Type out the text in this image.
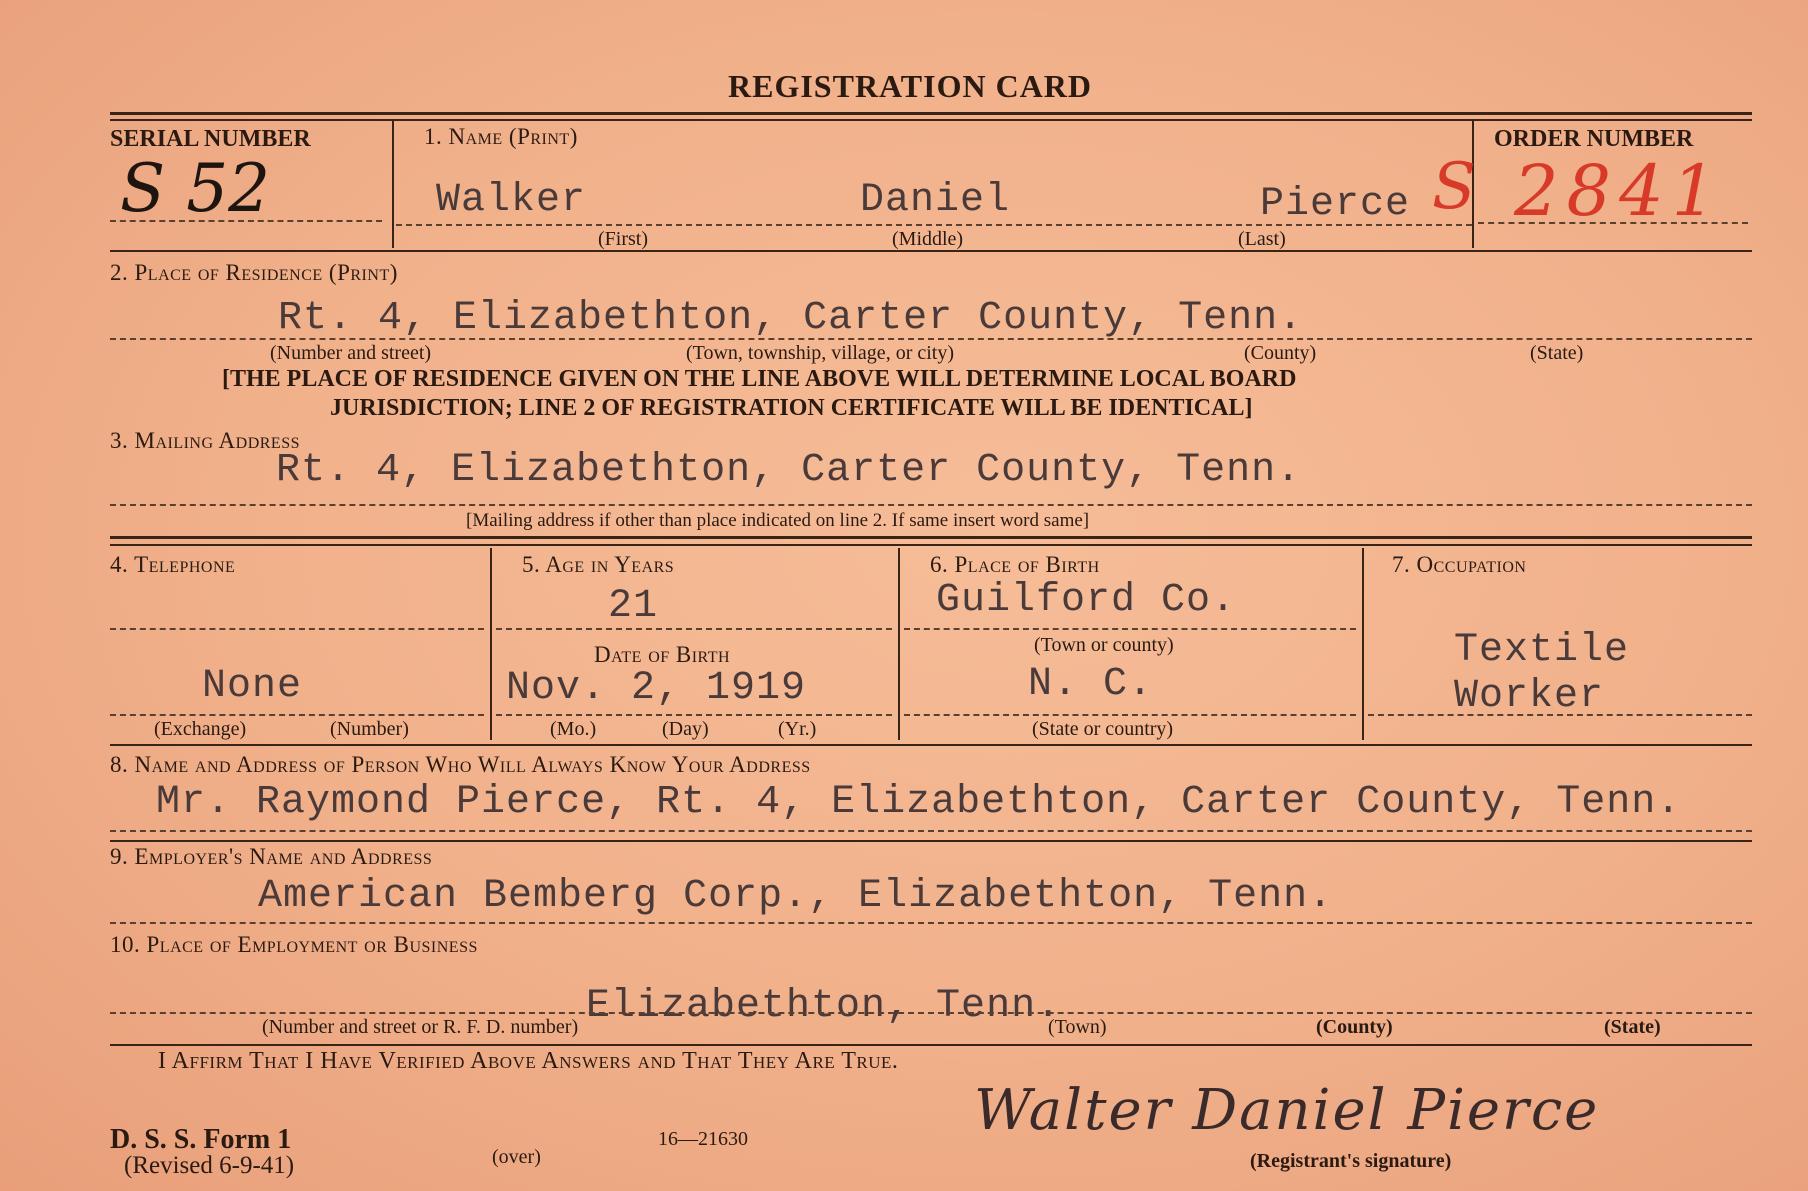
REGISTRATION CARD
SERIAL NUMBER
S 52
1. Name (Print)
Walker	Daniel	Pierce
(First)	(Middle)	(Last)
ORDER NUMBER
S 2841
2. Place of Residence (Print)
Rt. 4, Elizabethton, Carter County, Tenn.
(Number and street)	(Town, township, village, or city)	(County)	(State)
[THE PLACE OF RESIDENCE GIVEN ON THE LINE ABOVE WILL DETERMINE LOCAL BOARD
JURISDICTION; LINE 2 OF REGISTRATION CERTIFICATE WILL BE IDENTICAL]
3. Mailing Address
Rt. 4, Elizabethton, Carter County, Tenn.
[Mailing address if other than place indicated on line 2. If same insert word same]
4. Telephone
None
(Exchange)	(Number)
5. Age in Years
21
Date of Birth
Nov. 2, 1919
(Mo.)	(Day)	(Yr.)
6. Place of Birth
Guilford Co.
(Town or county)
N. C.
(State or country)
7. Occupation
Textile
Worker
8. Name and Address of Person Who Will Always Know Your Address
Mr. Raymond Pierce, Rt. 4, Elizabethton, Carter County, Tenn.
9. Employer's Name and Address
American Bemberg Corp., Elizabethton, Tenn.
10. Place of Employment or Business
Elizabethton, Tenn.
(Number and street or R. F. D. number)	(Town)	(County)	(State)
I Affirm That I Have Verified Above Answers and That They Are True.
D. S. S. Form 1
(Revised 6-9-41)	(over)
16—21630	Walter Daniel Pierce
(Registrant's signature)
